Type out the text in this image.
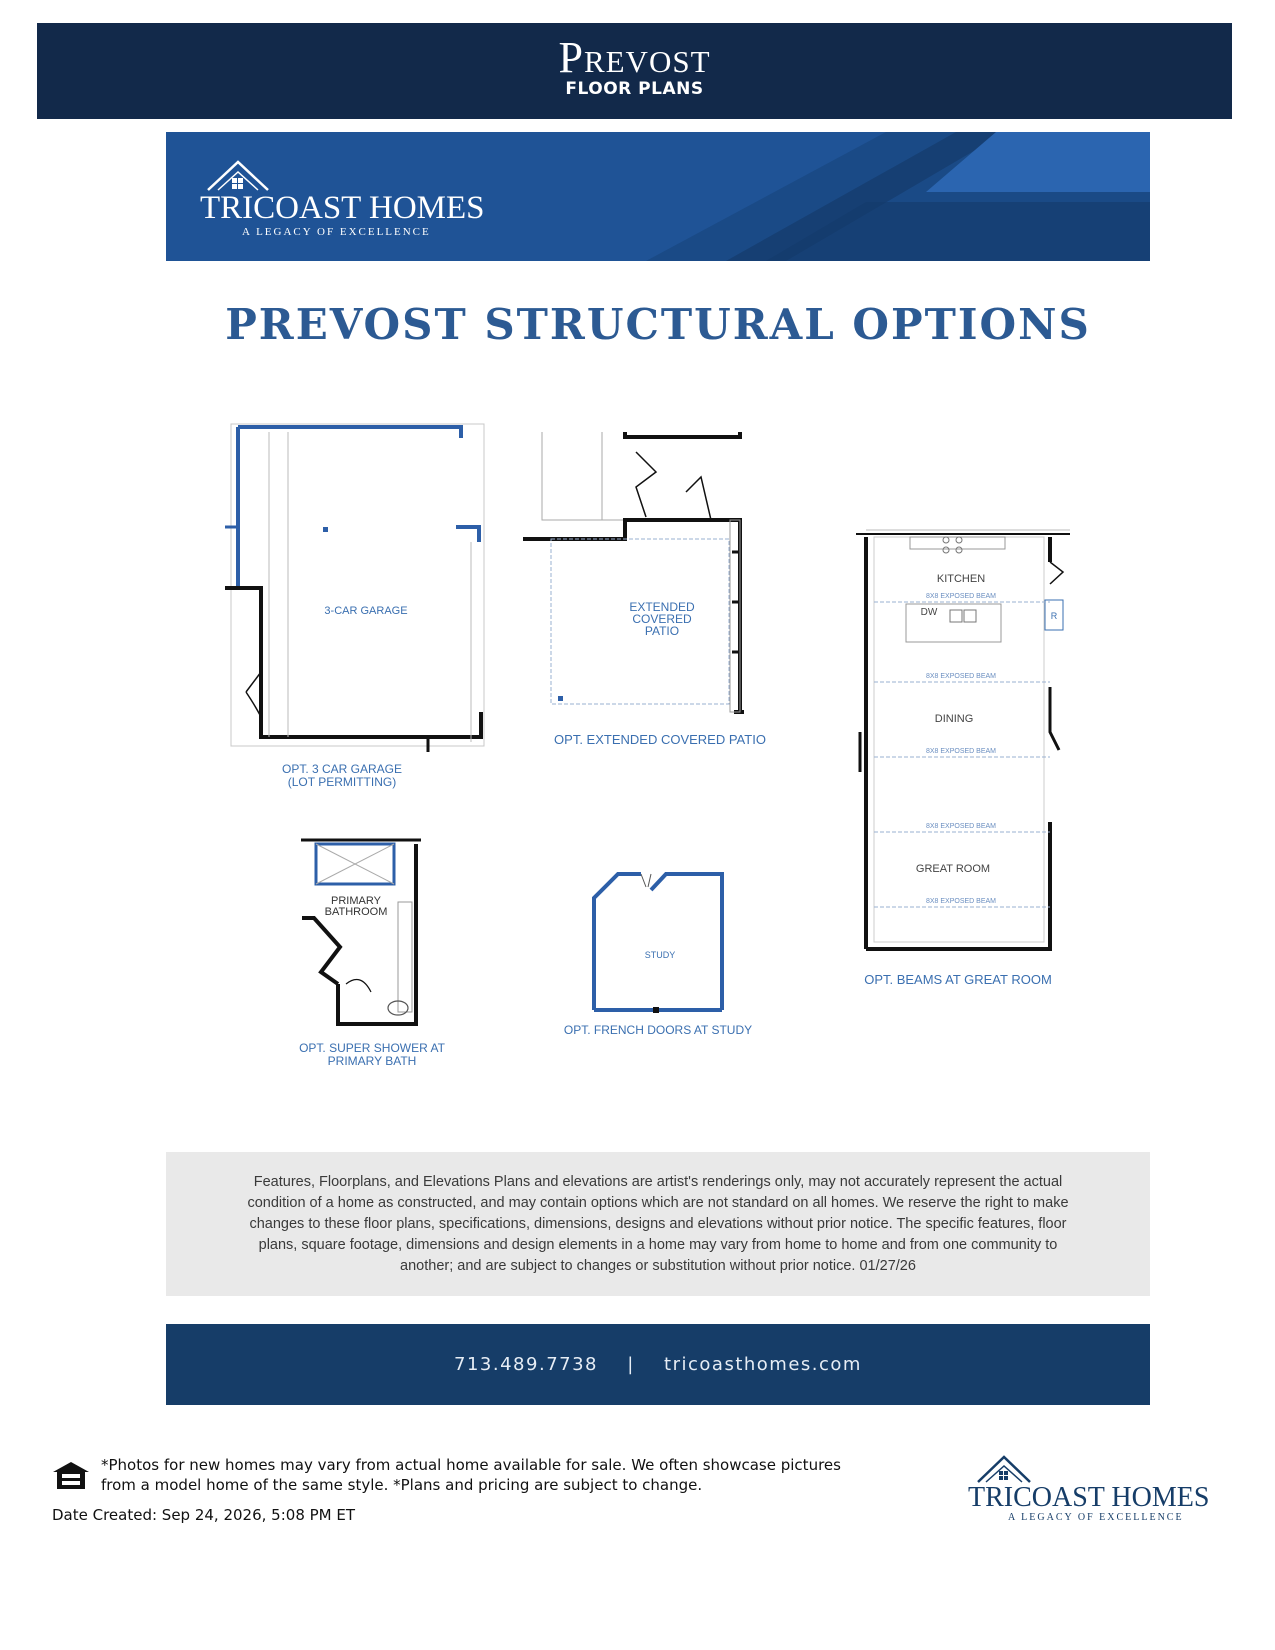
Prevost
FLOOR PLANS
TRICOAST HOMES
A LEGACY OF EXCELLENCE
PREVOST STRUCTURAL OPTIONS
3-CAR GARAGE
OPT. 3 CAR GARAGE
(LOT PERMITTING)
EXTENDED
COVERED
PATIO
OPT. EXTENDED COVERED PATIO
KITCHEN
DW	R
8X8 EXPOSED BEAM
8X8 EXPOSED BEAM
DINING
8X8 EXPOSED BEAM
8X8 EXPOSED BEAM
GREAT ROOM
8X8 EXPOSED BEAM
OPT. BEAMS AT GREAT ROOM
PRIMARY
BATHROOM
OPT. SUPER SHOWER AT
PRIMARY BATH
STUDY
OPT. FRENCH DOORS AT STUDY

Features, Floorplans, and Elevations Plans and elevations are artist's renderings only, may not accurately represent the actual condition of a home as constructed, and may contain options which are not standard on all homes. We reserve the right to make changes to these floor plans, specifications, dimensions, designs and elevations without prior notice. The specific features, floor plans, square footage, dimensions and design elements in a home may vary from home to home and from one community to another; and are subject to changes or substitution without prior notice. 01/27/26

713.489.7738 | tricoasthomes.com
*Photos for new homes may vary from actual home available for sale. We often showcase pictures
from a model home of the same style. *Plans and pricing are subject to change.
Date Created: Sep 24, 2026, 5:08 PM ET
TRICOAST HOMES
A LEGACY OF EXCELLENCE
